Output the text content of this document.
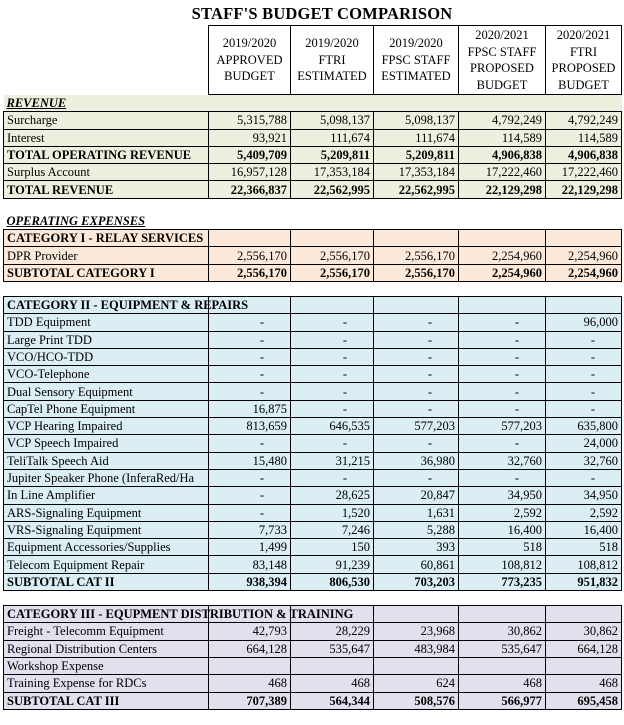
STAFF'S BUDGET COMPARISON
	2019/2020 APPROVED BUDGET	2019/2020 FTRI ESTIMATED	2019/2020 FPSC STAFF ESTIMATED	2020/2021 FPSC STAFF PROPOSED BUDGET	2020/2021 FTRI PROPOSED BUDGET
REVENUE					
Surcharge	5,315,788	5,098,137	5,098,137	4,792,249	4,792,249
Interest	93,921	111,674	111,674	114,589	114,589
TOTAL OPERATING REVENUE	5,409,709	5,209,811	5,209,811	4,906,838	4,906,838
Surplus Account	16,957,128	17,353,184	17,353,184	17,222,460	17,222,460
TOTAL REVENUE	22,366,837	22,562,995	22,562,995	22,129,298	22,129,298

OPERATING EXPENSES					
CATEGORY I - RELAY SERVICES					
DPR Provider	2,556,170	2,556,170	2,556,170	2,254,960	2,254,960
SUBTOTAL CATEGORY I	2,556,170	2,556,170	2,556,170	2,254,960	2,254,960

CATEGORY II - EQUIPMENT & REPAIRS					
TDD Equipment	-	-	-	-	96,000
Large Print TDD	-	-	-	-	-
VCO/HCO-TDD	-	-	-	-	-
VCO-Telephone	-	-	-	-	-
Dual Sensory Equipment	-	-	-	-	-
CapTel Phone Equipment	16,875	-	-	-	-
VCP Hearing Impaired	813,659	646,535	577,203	577,203	635,800
VCP Speech Impaired	-	-	-	-	24,000
TeliTalk Speech Aid	15,480	31,215	36,980	32,760	32,760
Jupiter Speaker Phone (InferaRed/Ha	-	-	-	-	-
In Line Amplifier	-	28,625	20,847	34,950	34,950
ARS-Signaling Equipment	-	1,520	1,631	2,592	2,592
VRS-Signaling Equipment	7,733	7,246	5,288	16,400	16,400
Equipment Accessories/Supplies	1,499	150	393	518	518
Telecom Equipment Repair	83,148	91,239	60,861	108,812	108,812
SUBTOTAL CAT II	938,394	806,530	703,203	773,235	951,832

CATEGORY III - EQUPMENT DISTRIBUTION & TRAINING					
Freight - Telecomm Equipment	42,793	28,229	23,968	30,862	30,862
Regional Distribution Centers	664,128	535,647	483,984	535,647	664,128
Workshop Expense					
Training Expense for RDCs	468	468	624	468	468
SUBTOTAL CAT III	707,389	564,344	508,576	566,977	695,458
